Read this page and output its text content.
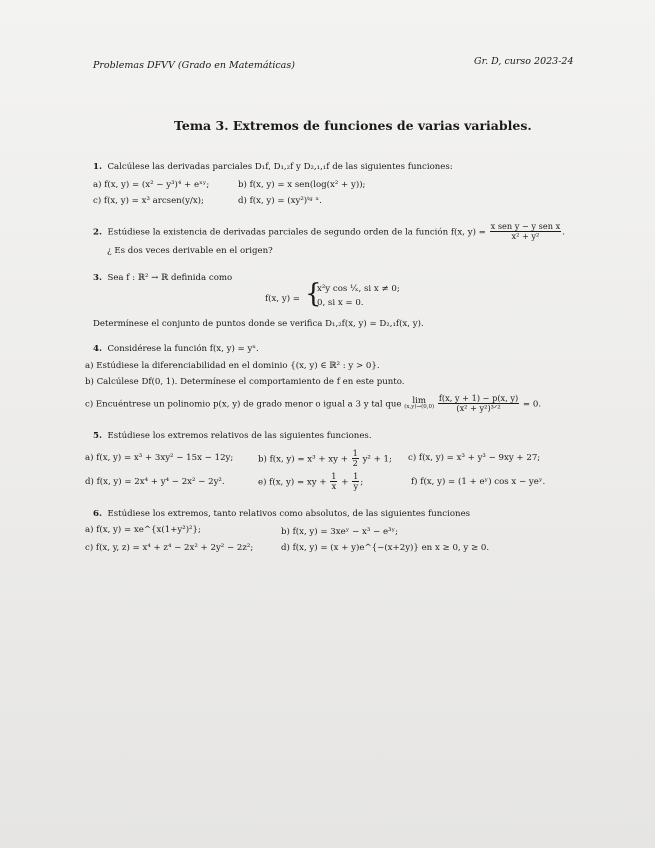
Problemas DFVV (Grado en Matemáticas)	Gr. D, curso 2023-24
Tema 3. Extremos de funciones de varias variables.
1. Calcúlese las derivadas parciales D₁f, D₁,₂f y D₂,₁,₁f de las siguientes funciones:
a) f(x, y) = (x² − y³)⁴ + eˣʸ;	b) f(x, y) = x sen(log(x² + y));
c) f(x, y) = x³ arcsen(y/x);	d) f(x, y) = (xy²)ᵗᵍ ˣ.
2. Estúdiese la existencia de derivadas parciales de segundo orden de la función f(x, $y) = \frac{\text{x sen y − y sen x}}{\text{x² + y²}}$ .
¿ Es dos veces derivable en el origen?
3. Sea f : ℝ² → ℝ definida como
f(x, y) = {
x²y cos ¹⁄ₓ, si x ≠ 0;
0, si x = 0.
Determínese el conjunto de puntos donde se verifica D₁,₂f(x, y) = D₂,₁f(x, y).
4. Considérese la función f(x, y) = yˣ.
a) Estúdiese la diferenciabilidad en el dominio {(x, y) ∈ ℝ² : y > 0}.
b) Calcúlese Df(0, 1). Determínese el comportamiento de f en este punto.
c) Encuéntrese un polinomio p(x, y) de grado menor o igual a 3 y tal que lim
(x,y)→(0,0)
$\frac{f(x, y + 1) - p(x, y)}{\text{(x² + y²)³ᐟ²}} = 0$.
5. Estúdiese los extremos relativos de las siguientes funciones.
a) f(x, y) = x³ + 3xy² − 15x − 12y;	b) f(x, y) = x³ + xy + $\frac{1}{2} y^2 + 1$; c) f(x, y) = x³ + y³ − 9xy + 27;
d) f(x, y) = 2x⁴ + y⁴ − 2x² − 2y².	e) f(x, y) = xy + $\frac{1}{x} + \frac{1}{y}$ ;	f) f(x, y) = (1 + eʸ) cos x − yeʸ.
6. Estúdiese los extremos, tanto relativos como absolutos, de las siguientes funciones
a) f(x, y) = xe^{x(1+y²)²};	b) f(x, y) = 3xeʸ − x³ − e³ʸ;
c) f(x, y, z) = x⁴ + z⁴ − 2x² + 2y² − 2z²;	d) f(x, y) = (x + y)e^{−(x+2y)} en x ≥ 0, y ≥ 0.
